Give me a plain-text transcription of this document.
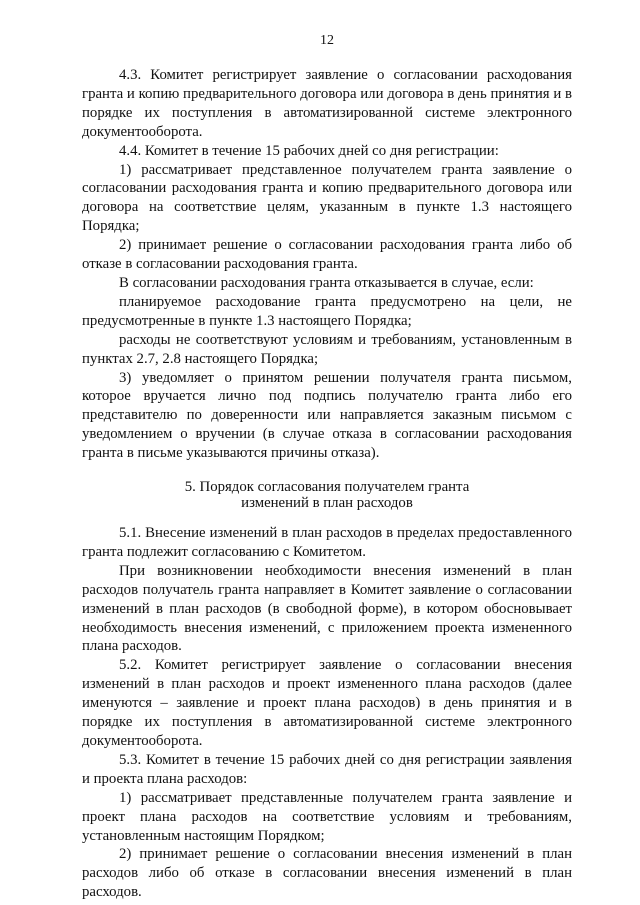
12

4.3. Комитет регистрирует заявление о согласовании расходования гранта и копию предварительного договора или договора в день принятия и в порядке их поступления в автоматизированной системе электронного документооборота.

4.4. Комитет в течение 15 рабочих дней со дня регистрации:

1) рассматривает представленное получателем гранта заявление о согласовании расходования гранта и копию предварительного договора или договора на соответствие целям, указанным в пункте 1.3 настоящего Порядка;

2) принимает решение о согласовании расходования гранта либо об отказе в согласовании расходования гранта.

В согласовании расходования гранта отказывается в случае, если:

планируемое расходование гранта предусмотрено на цели, не предусмотренные в пункте 1.3 настоящего Порядка;

расходы не соответствуют условиям и требованиям, установленным в пунктах 2.7, 2.8 настоящего Порядка;

3) уведомляет о принятом решении получателя гранта письмом, которое вручается лично под подпись получателю гранта либо его представителю по доверенности или направляется заказным письмом с уведомлением о вручении (в случае отказа в согласовании расходования гранта в письме указываются причины отказа).

5. Порядок согласования получателем гранта
изменений в план расходов

5.1. Внесение изменений в план расходов в пределах предоставленного гранта подлежит согласованию с Комитетом.

При возникновении необходимости внесения изменений в план расходов получатель гранта направляет в Комитет заявление о согласовании изменений в план расходов (в свободной форме), в котором обосновывает необходимость внесения изменений, с приложением проекта измененного плана расходов.

5.2. Комитет регистрирует заявление о согласовании внесения изменений в план расходов и проект измененного плана расходов (далее именуются – заявление и проект плана расходов) в день принятия и в порядке их поступления в автоматизированной системе электронного документооборота.

5.3. Комитет в течение 15 рабочих дней со дня регистрации заявления и проекта плана расходов:

1) рассматривает представленные получателем гранта заявление и проект плана расходов на соответствие условиям и требованиям, установленным настоящим Порядком;

2) принимает решение о согласовании внесения изменений в план расходов либо об отказе в согласовании внесения изменений в план расходов.
